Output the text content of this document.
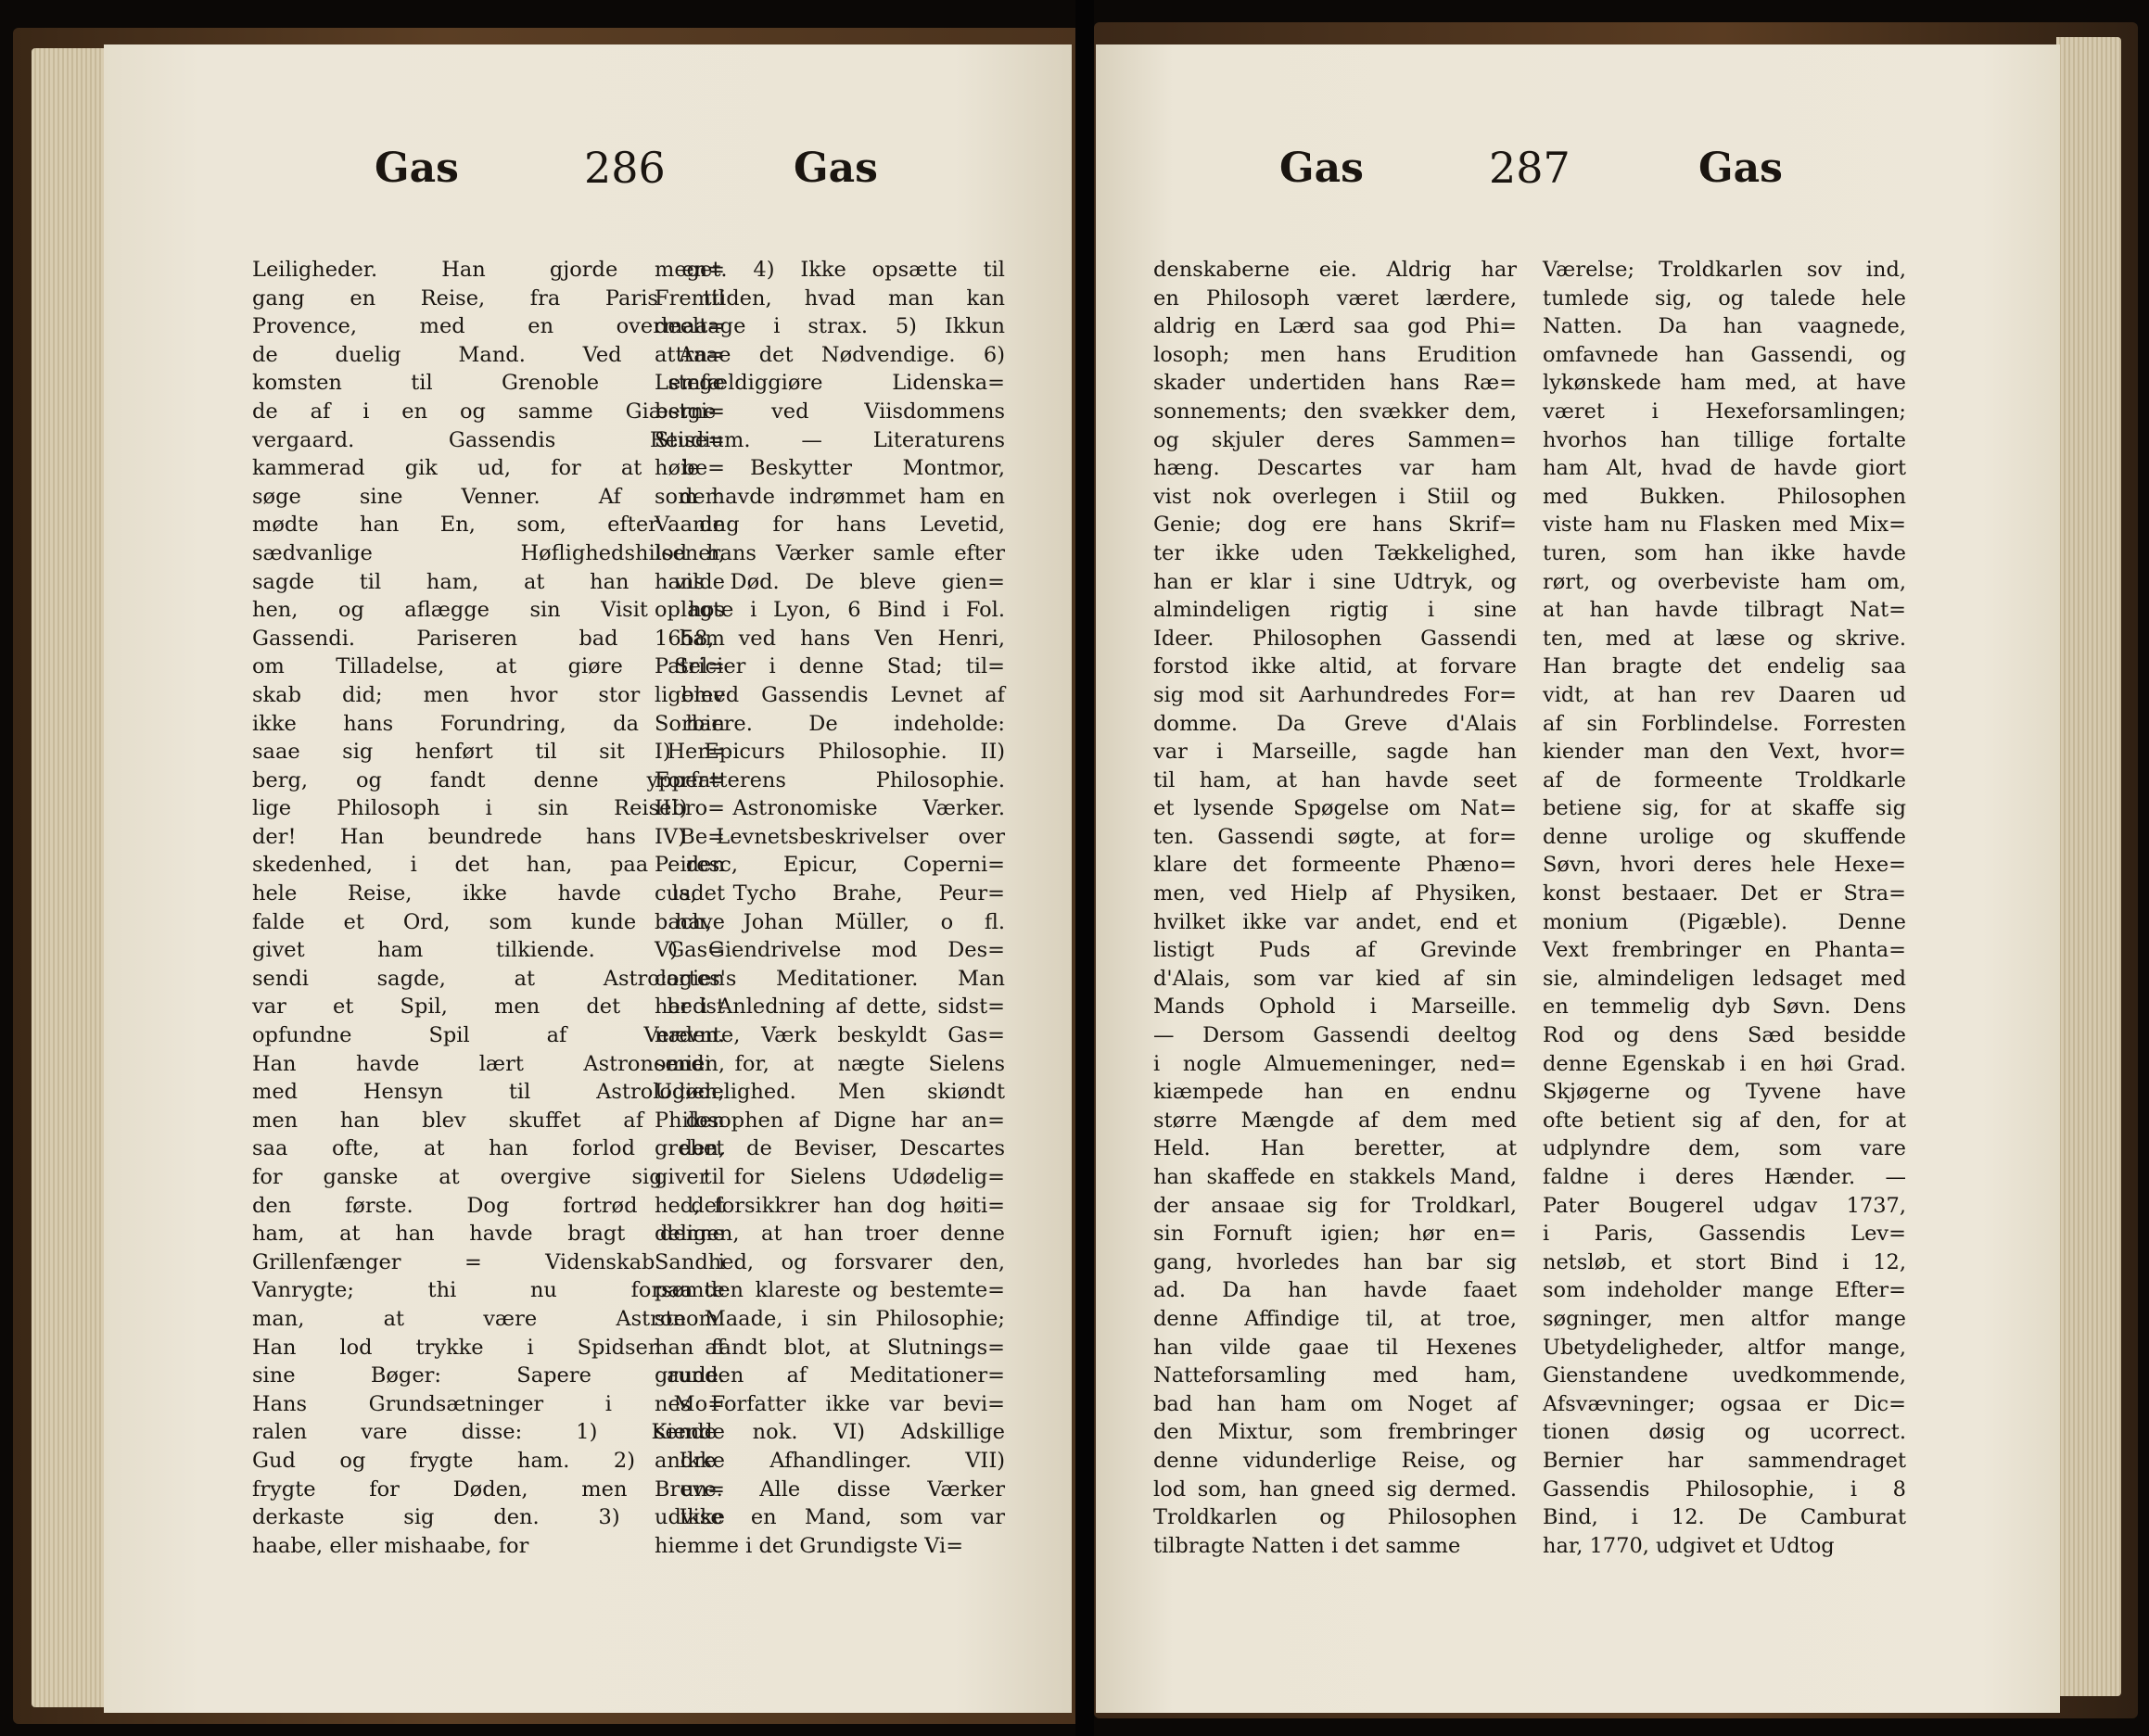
Gas	286	Gas

Leiligheder. Han gjorde en=

gang en Reise, fra Paris til

Provence, med en overmaa=

de duelig Mand. Ved An=

komsten til Grenoble stege

de af i en og samme Giæstgi=

vergaard. Gassendis Reise=

kammerad gik ud, for at be=

søge sine Venner. Af dem

mødte han En, som, efter de

sædvanlige Høflighedshilsener,

sagde til ham, at han vilde

hen, og aflægge sin Visit hos

Gassendi. Pariseren bad ham

om Tilladelse, at giøre Sel=

skab did; men hvor stor blev

ikke hans Forundring, da han

saae sig henført til sit Her=

berg, og fandt denne ypper=

lige Philosoph i sin Reisebro=

der! Han beundrede hans Be=

skedenhed, i det han, paa den

hele Reise, ikke havde ladet

falde et Ord, som kunde have

givet ham tilkiende. Gas=

sendi sagde, at Astrologien

var et Spil, men det bedst

opfundne Spil af Verden.

Han havde lært Astronomien,

med Hensyn til Astrologien;

men han blev skuffet af den

saa ofte, at han forlod den,

for ganske at overgive sig til

den første. Dog fortrød det

ham, at han havde bragt denne

Grillenfænger = Videnskab i

Vanrygte; thi nu forsømte

man, at være Astronom.

Han lod trykke i Spidsen af

sine Bøger: Sapere aude.

Hans Grundsætninger i Mo=

ralen vare disse: 1) Kiende

Gud og frygte ham. 2) Ikke

frygte for Døden, men un=

derkaste sig den. 3) Ikke

haabe, eller mishaabe, for

meget. 4) Ikke opsætte til

Fremtiden, hvad man kan

deeltage i strax. 5) Ikkun

attraae det Nødvendige. 6)

Lemfældiggiøre Lidenska=

berne ved Viisdommens

Studium. — Literaturens

høie Beskytter Montmor,

som havde indrømmet ham en

Vaaning for hans Levetid,

lod hans Værker samle efter

hans Død. De bleve gien=

oplagte i Lyon, 6 Bind i Fol.

1658, ved hans Ven Henri,

Patricier i denne Stad; til=

ligemed Gassendis Levnet af

Sorbiere. De indeholde:

I) Epicurs Philosophie. II)

Forfatterens Philosophie.

III) Astronomiske Værker.

IV) Levnetsbeskrivelser over

Peiresc, Epicur, Coperni=

cus, Tycho Brahe, Peur=

bach, Johan Müller, o fl.

V) Giendrivelse mod Des=

cartes's Meditationer. Man

har i Anledning af dette, sidst=

nævnte, Værk beskyldt Gas=

sendi for, at nægte Sielens

Udødelighed. Men skiøndt

Philosophen af Digne har an=

grebet de Beviser, Descartes

giver for Sielens Udødelig=

hed, forsikkrer han dog høiti=

deligen, at han troer denne

Sandhed, og forsvarer den,

paa den klareste og bestemte=

ste Maade, i sin Philosophie;

han fandt blot, at Slutnings=

grunden af Meditationer=

nes Forfatter ikke var bevi=

sende nok. VI) Adskillige

andre Afhandlinger. VII)

Breve. Alle disse Værker

udvise en Mand, som var

hiemme i det Grundigste Vi=

Gas	287	Gas

denskaberne eie. Aldrig har

en Philosoph været lærdere,

aldrig en Lærd saa god Phi=

losoph; men hans Erudition

skader undertiden hans Ræ=

sonnements; den svækker dem,

og skjuler deres Sammen=

hæng. Descartes var ham

vist nok overlegen i Stiil og

Genie; dog ere hans Skrif=

ter ikke uden Tækkelighed,

han er klar i sine Udtryk, og

almindeligen rigtig i sine

Ideer. Philosophen Gassendi

forstod ikke altid, at forvare

sig mod sit Aarhundredes For=

domme. Da Greve d'Alais

var i Marseille, sagde han

til ham, at han havde seet

et lysende Spøgelse om Nat=

ten. Gassendi søgte, at for=

klare det formeente Phæno=

men, ved Hielp af Physiken,

hvilket ikke var andet, end et

listigt Puds af Grevinde

d'Alais, som var kied af sin

Mands Ophold i Marseille.

— Dersom Gassendi deeltog

i nogle Almuemeninger, ned=

kiæmpede han en endnu

større Mængde af dem med

Held. Han beretter, at

han skaffede en stakkels Mand,

der ansaae sig for Troldkarl,

sin Fornuft igien; hør en=

gang, hvorledes han bar sig

ad. Da han havde faaet

denne Affindige til, at troe,

han vilde gaae til Hexenes

Natteforsamling med ham,

bad han ham om Noget af

den Mixtur, som frembringer

denne vidunderlige Reise, og

lod som, han gneed sig dermed.

Troldkarlen og Philosophen

tilbragte Natten i det samme

Værelse; Troldkarlen sov ind,

tumlede sig, og talede hele

Natten. Da han vaagnede,

omfavnede han Gassendi, og

lykønskede ham med, at have

været i Hexeforsamlingen;

hvorhos han tillige fortalte

ham Alt, hvad de havde giort

med Bukken. Philosophen

viste ham nu Flasken med Mix=

turen, som han ikke havde

rørt, og overbeviste ham om,

at han havde tilbragt Nat=

ten, med at læse og skrive.

Han bragte det endelig saa

vidt, at han rev Daaren ud

af sin Forblindelse. Forresten

kiender man den Vext, hvor=

af de formeente Troldkarle

betiene sig, for at skaffe sig

denne urolige og skuffende

Søvn, hvori deres hele Hexe=

konst bestaaer. Det er Stra=

monium (Pigæble). Denne

Vext frembringer en Phanta=

sie, almindeligen ledsaget med

en temmelig dyb Søvn. Dens

Rod og dens Sæd besidde

denne Egenskab i en høi Grad.

Skjøgerne og Tyvene have

ofte betient sig af den, for at

udplyndre dem, som vare

faldne i deres Hænder. —

Pater Bougerel udgav 1737,

i Paris, Gassendis Lev=

netsløb, et stort Bind i 12,

som indeholder mange Efter=

søgninger, men altfor mange

Ubetydeligheder, altfor mange,

Gienstandene uvedkommende,

Afsvævninger; ogsaa er Dic=

tionen døsig og ucorrect.

Bernier har sammendraget

Gassendis Philosophie, i 8

Bind, i 12. De Camburat

har, 1770, udgivet et Udtog
